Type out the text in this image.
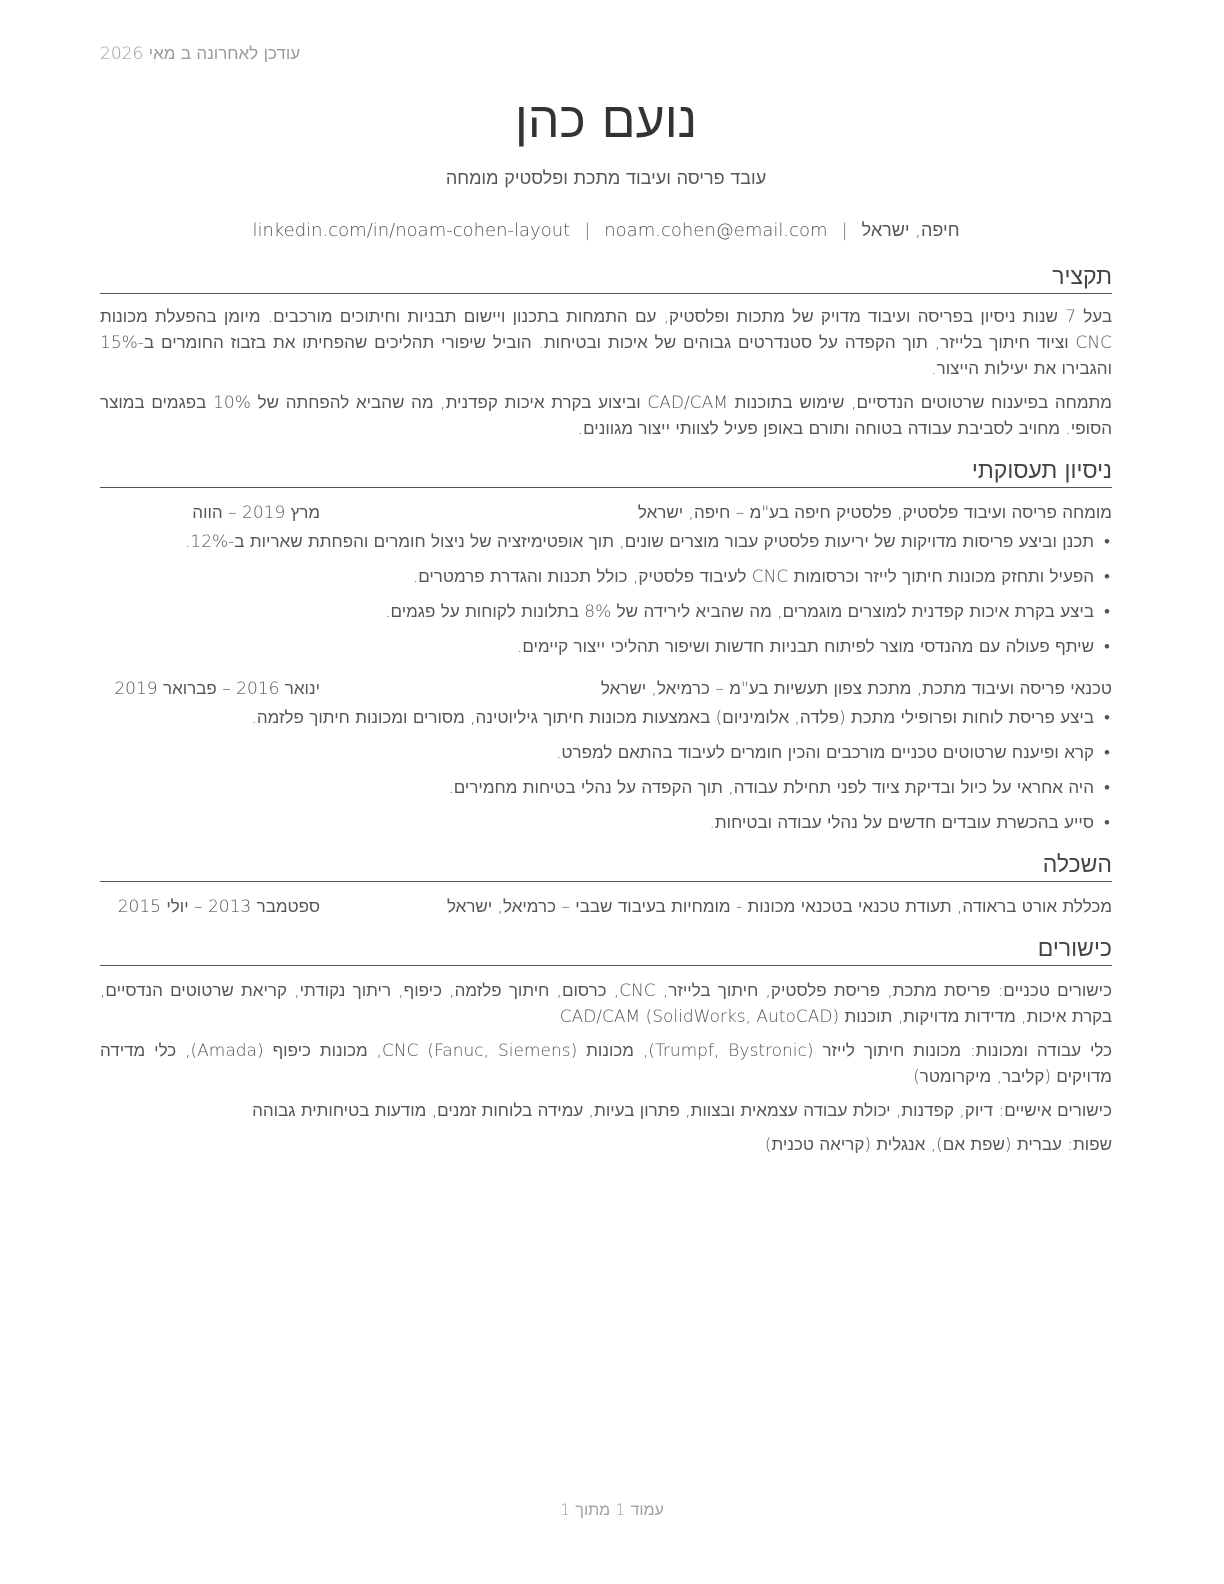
עודכן לאחרונה ב מאי 2026
נועם כהן
עובד פריסה ועיבוד מתכת ופלסטיק מומחה
חיפה, ישראל|noam.cohen@email.com|linkedin.com/in/noam-cohen-layout
תקציר
בעל 7 שנות ניסיון בפריסה ועיבוד מדויק של מתכות ופלסטיק, עם התמחות בתכנון ויישום תבניות וחיתוכים מורכבים. מיומן בהפעלת מכונות CNC וציוד חיתוך בלייזר, תוך הקפדה על סטנדרטים גבוהים של איכות ובטיחות. הוביל שיפורי תהליכים שהפחיתו את בזבוז החומרים ב-15% והגבירו את יעילות הייצור.
מתמחה בפיענוח שרטוטים הנדסיים, שימוש בתוכנות CAD/CAM וביצוע בקרת איכות קפדנית, מה שהביא להפחתה של 10% בפגמים במוצר הסופי. מחויב לסביבת עבודה בטוחה ותורם באופן פעיל לצוותי ייצור מגוונים.
ניסיון תעסוקתי
מומחה פריסה ועיבוד פלסטיק, פלסטיק חיפה בע"מ – חיפה, ישראל
מרץ 2019 – הווה
•
תכנן וביצע פריסות מדויקות של יריעות פלסטיק עבור מוצרים שונים, תוך אופטימיזציה של ניצול חומרים והפחתת שאריות ב-12%.
•
הפעיל ותחזק מכונות חיתוך לייזר וכרסומות CNC לעיבוד פלסטיק, כולל תכנות והגדרת פרמטרים.
•
ביצע בקרת איכות קפדנית למוצרים מוגמרים, מה שהביא לירידה של 8% בתלונות לקוחות על פגמים.
•
שיתף פעולה עם מהנדסי מוצר לפיתוח תבניות חדשות ושיפור תהליכי ייצור קיימים.
טכנאי פריסה ועיבוד מתכת, מתכת צפון תעשיות בע"מ – כרמיאל, ישראל
ינואר 2016 – פברואר 2019
•
ביצע פריסת לוחות ופרופילי מתכת (פלדה, אלומיניום) באמצעות מכונות חיתוך גיליוטינה, מסורים ומכונות חיתוך פלזמה.
•
קרא ופיענח שרטוטים טכניים מורכבים והכין חומרים לעיבוד בהתאם למפרט.
•
היה אחראי על כיול ובדיקת ציוד לפני תחילת עבודה, תוך הקפדה על נהלי בטיחות מחמירים.
•
סייע בהכשרת עובדים חדשים על נהלי עבודה ובטיחות.
השכלה
מכללת אורט בראודה, תעודת טכנאי בטכנאי מכונות - מומחיות בעיבוד שבבי – כרמיאל, ישראל
ספטמבר 2013 – יולי 2015
כישורים
כישורים טכניים: פריסת מתכת, פריסת פלסטיק, חיתוך בלייזר, CNC, כרסום, חיתוך פלזמה, כיפוף, ריתוך נקודתי, קריאת שרטוטים הנדסיים, בקרת איכות, מדידות מדויקות, תוכנות CAD/CAM (SolidWorks, AutoCAD)
כלי עבודה ומכונות: מכונות חיתוך לייזר (Trumpf, Bystronic), מכונות CNC (Fanuc, Siemens), מכונות כיפוף (Amada), כלי מדידה מדויקים (קליבר, מיקרומטר)
כישורים אישיים: דיוק, קפדנות, יכולת עבודה עצמאית ובצוות, פתרון בעיות, עמידה בלוחות זמנים, מודעות בטיחותית גבוהה
שפות: עברית (שפת אם), אנגלית (קריאה טכנית)
עמוד 1 מתוך 1
